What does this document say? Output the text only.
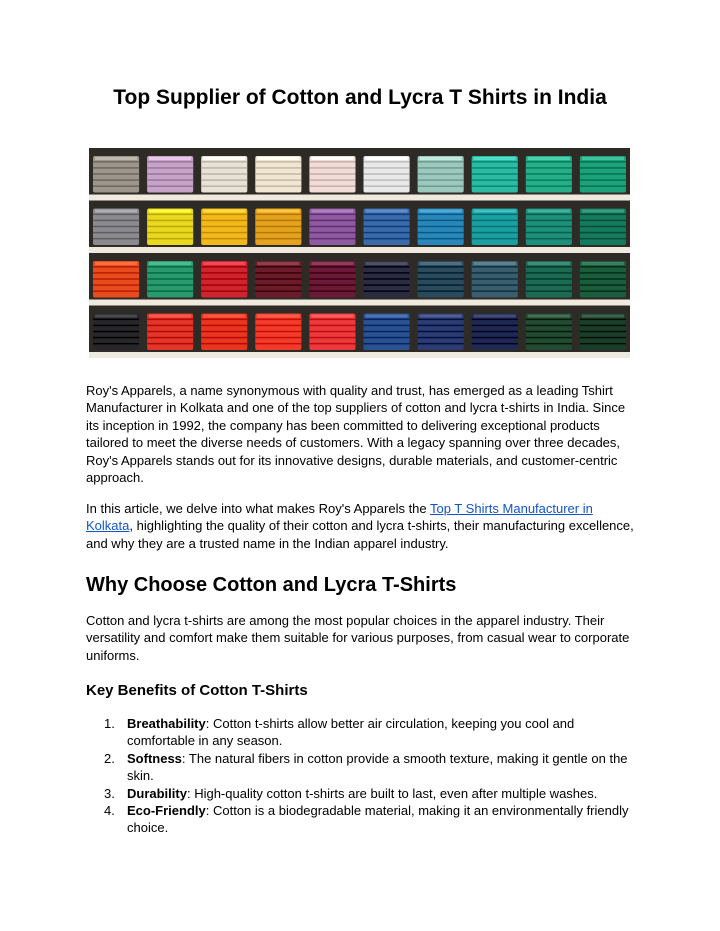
Top Supplier of Cotton and Lycra T Shirts in India

Roy's Apparels, a name synonymous with quality and trust, has emerged as a leading Tshirt Manufacturer in Kolkata and one of the top suppliers of cotton and lycra t-shirts in India. Since its inception in 1992, the company has been committed to delivering exceptional products tailored to meet the diverse needs of customers. With a legacy spanning over three decades, Roy's Apparels stands out for its innovative designs, durable materials, and customer-centric approach.

In this article, we delve into what makes Roy's Apparels the Top T Shirts Manufacturer in Kolkata, highlighting the quality of their cotton and lycra t-shirts, their manufacturing excellence, and why they are a trusted name in the Indian apparel industry.

Why Choose Cotton and Lycra T-Shirts

Cotton and lycra t-shirts are among the most popular choices in the apparel industry. Their versatility and comfort make them suitable for various purposes, from casual wear to corporate uniforms.

Key Benefits of Cotton T-Shirts
1. Breathability: Cotton t-shirts allow better air circulation, keeping you cool and comfortable in any season.
2. Softness: The natural fibers in cotton provide a smooth texture, making it gentle on the skin.
3. Durability: High-quality cotton t-shirts are built to last, even after multiple washes.
4. Eco-Friendly: Cotton is a biodegradable material, making it an environmentally friendly choice.
